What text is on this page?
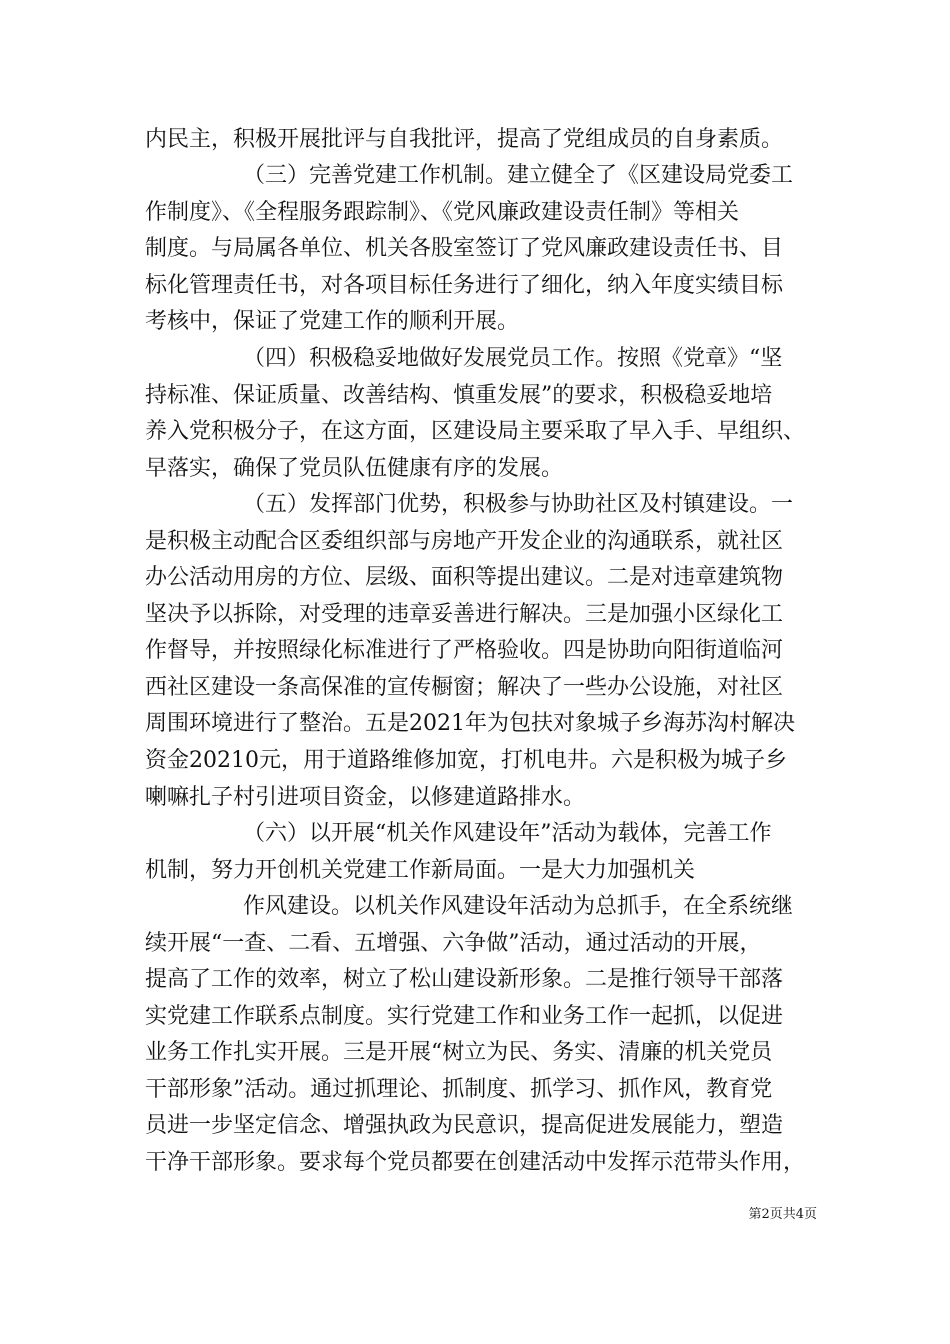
内民主，积极开展批评与自我批评，提高了党组成员的自身素质。
（三）完善党建工作机制。建立健全了《区建设局党委工
作制度》、《全程服务跟踪制》、《党风廉政建设责任制》等相关
制度。与局属各单位、机关各股室签订了党风廉政建设责任书、目
标化管理责任书，对各项目标任务进行了细化，纳入年度实绩目标
考核中，保证了党建工作的顺利开展。
（四）积极稳妥地做好发展党员工作。按照《党章》“坚
持标准、保证质量、改善结构、慎重发展”的要求，积极稳妥地培
养入党积极分子，在这方面，区建设局主要采取了早入手、早组织、
早落实，确保了党员队伍健康有序的发展。
（五）发挥部门优势，积极参与协助社区及村镇建设。一
是积极主动配合区委组织部与房地产开发企业的沟通联系，就社区
办公活动用房的方位、层级、面积等提出建议。二是对违章建筑物
坚决予以拆除，对受理的违章妥善进行解决。三是加强小区绿化工
作督导，并按照绿化标准进行了严格验收。四是协助向阳街道临河
西社区建设一条高保准的宣传橱窗；解决了一些办公设施，对社区
周围环境进行了整治。五是2021年为包扶对象城子乡海苏沟村解决
资金20210元，用于道路维修加宽，打机电井。六是积极为城子乡
喇嘛扎子村引进项目资金，以修建道路排水。
（六）以开展“机关作风建设年”活动为载体，完善工作
机制，努力开创机关党建工作新局面。一是大力加强机关
作风建设。以机关作风建设年活动为总抓手，在全系统继
续开展“一查、二看、五增强、六争做”活动，通过活动的开展，
提高了工作的效率，树立了松山建设新形象。二是推行领导干部落
实党建工作联系点制度。实行党建工作和业务工作一起抓，以促进
业务工作扎实开展。三是开展“树立为民、务实、清廉的机关党员
干部形象”活动。通过抓理论、抓制度、抓学习、抓作风，教育党
员进一步坚定信念、增强执政为民意识，提高促进发展能力，塑造
干净干部形象。要求每个党员都要在创建活动中发挥示范带头作用，
第2页共4页
